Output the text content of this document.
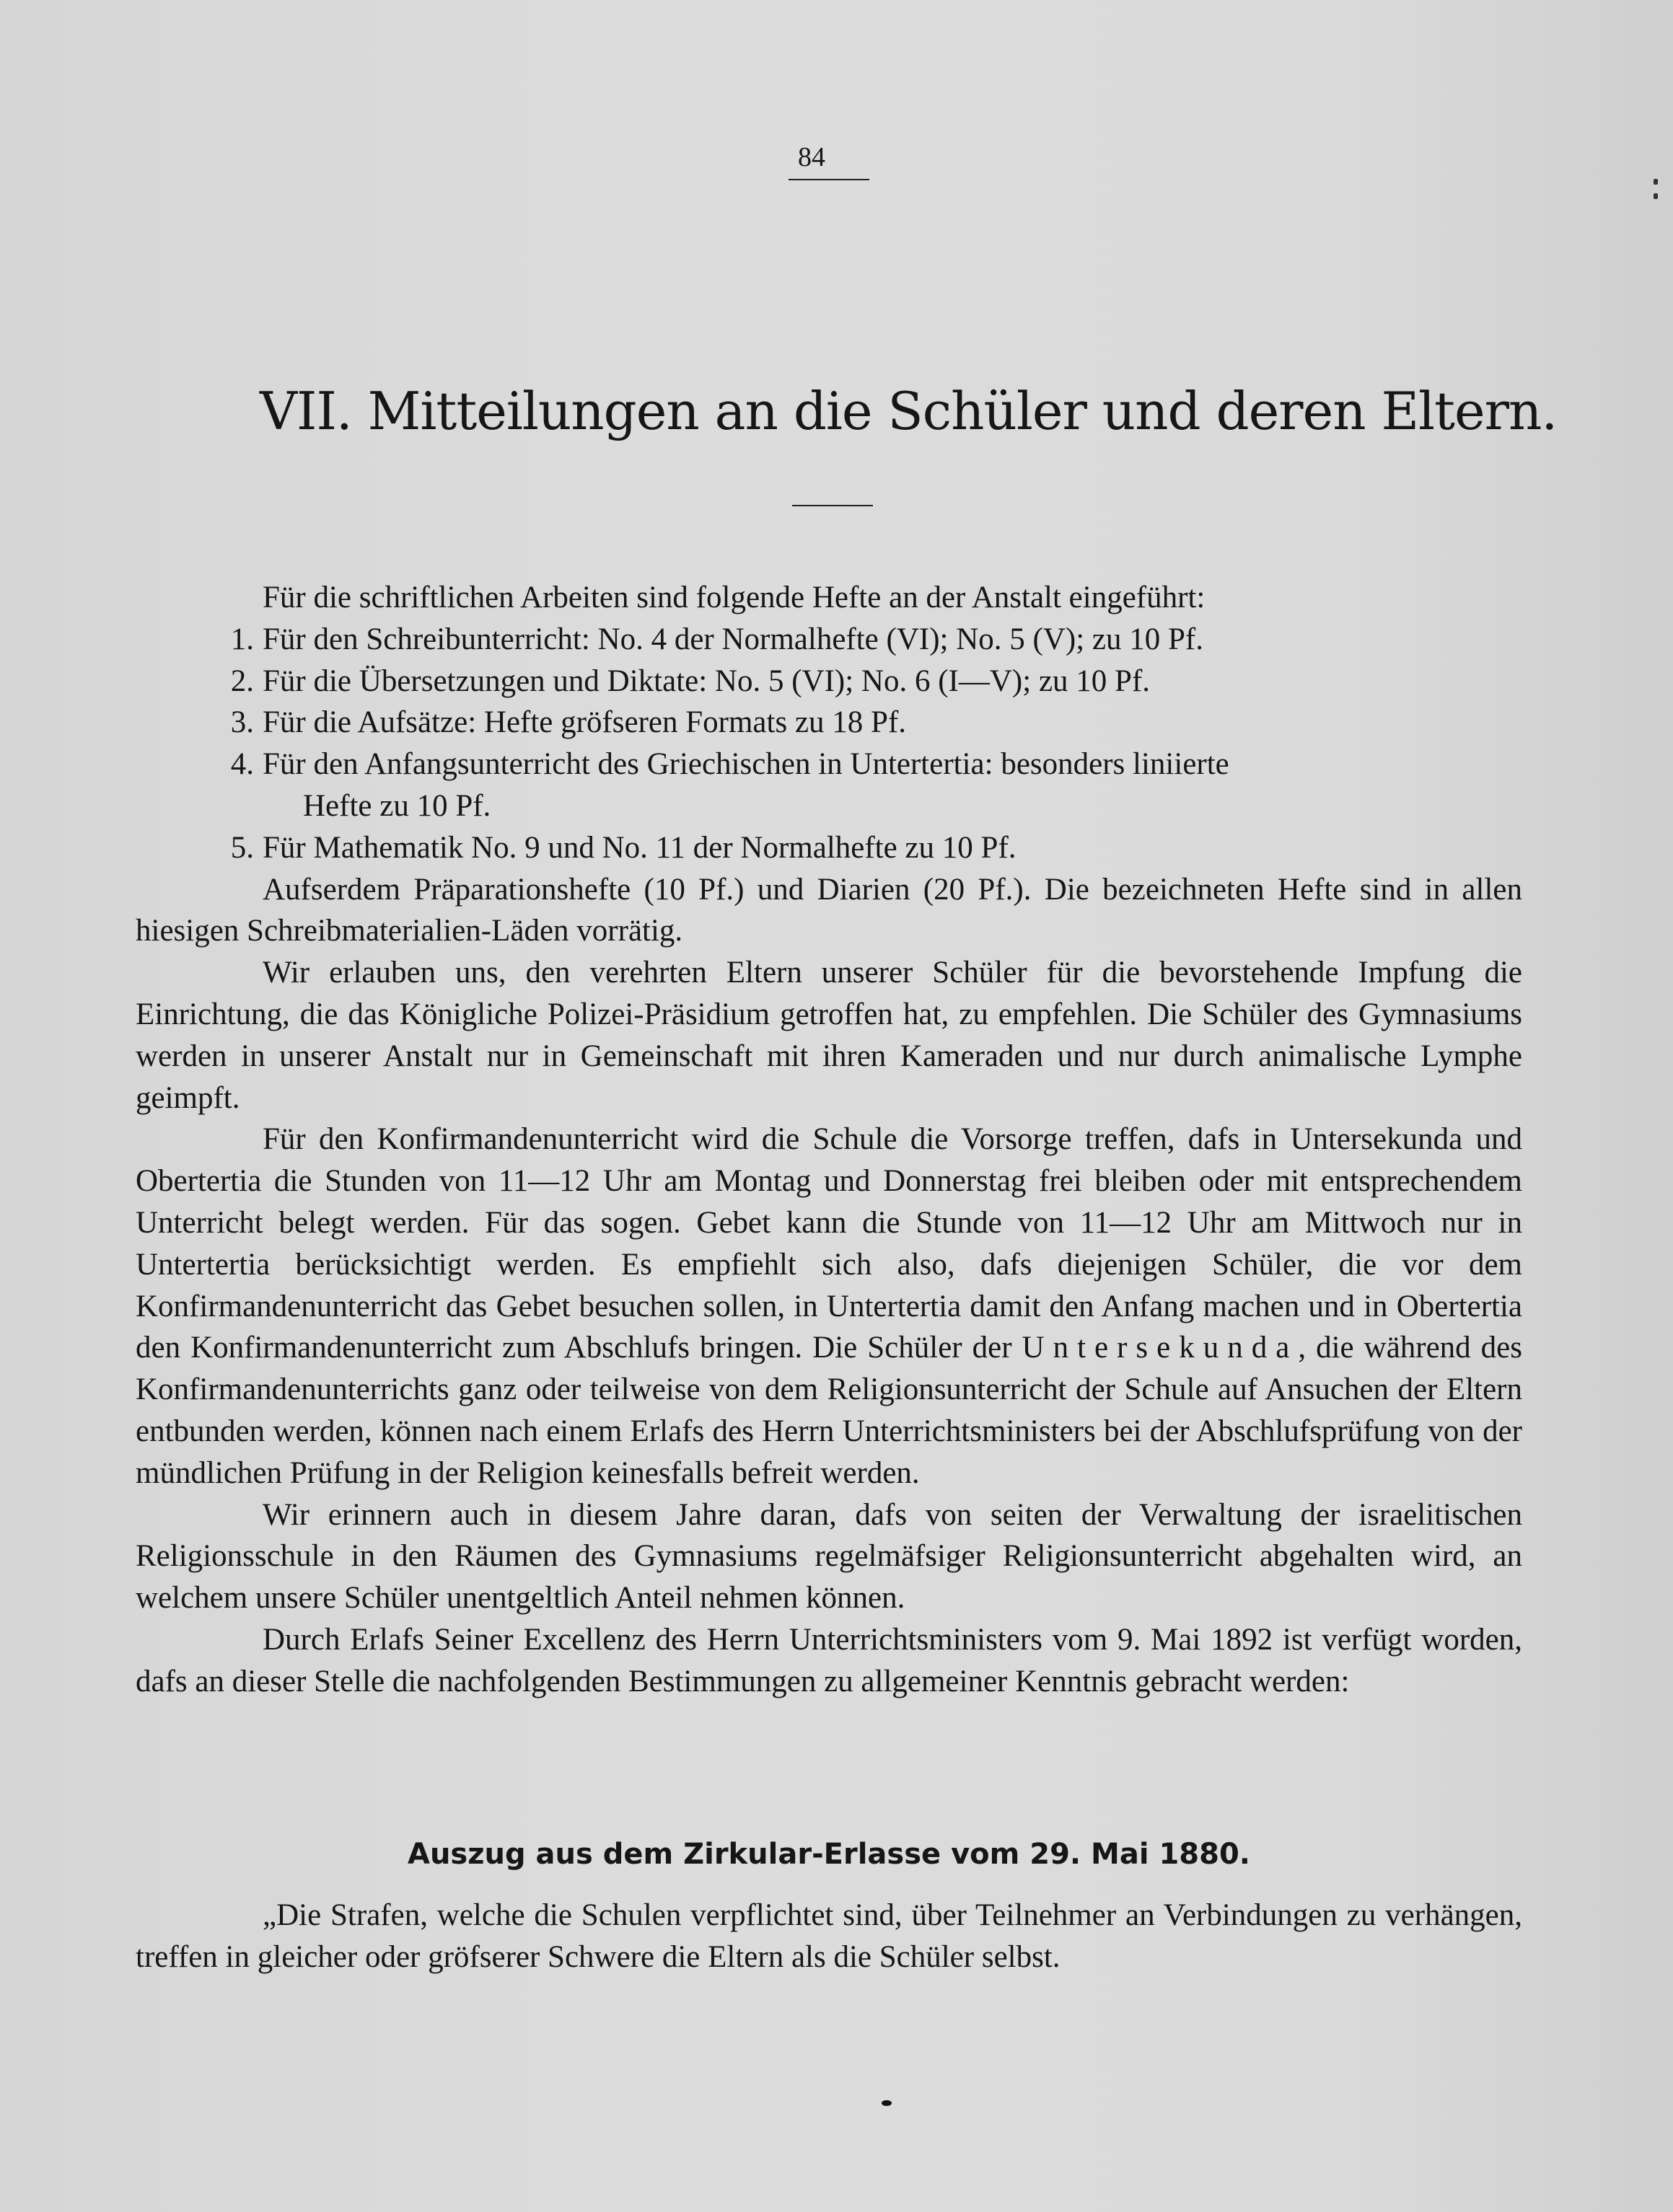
84

VII. Mitteilungen an die Schüler und deren Eltern.

Für die schriftlichen Arbeiten sind folgende Hefte an der Anstalt eingeführt:

1. Für den Schreibunterricht: No. 4 der Normalhefte (VI); No. 5 (V); zu 10 Pf.
2. Für die Übersetzungen und Diktate: No. 5 (VI); No. 6 (I—V); zu 10 Pf.
3. Für die Aufsätze: Hefte gröfseren Formats zu 18 Pf.
4. Für den Anfangsunterricht des Griechischen in Untertertia: besonders liniierte
Hefte zu 10 Pf.
5. Für Mathematik No. 9 und No. 11 der Normalhefte zu 10 Pf.

Aufserdem Präparationshefte (10 Pf.) und Diarien (20 Pf.). Die bezeichneten Hefte sind in allen hiesigen Schreibmaterialien-Läden vorrätig.

Wir erlauben uns, den verehrten Eltern unserer Schüler für die bevorstehende Impfung die Einrichtung, die das Königliche Polizei-Präsidium getroffen hat, zu empfehlen. Die Schüler des Gymnasiums werden in unserer Anstalt nur in Gemeinschaft mit ihren Kameraden und nur durch animalische Lymphe geimpft.

Für den Konfirmandenunterricht wird die Schule die Vorsorge treffen, dafs in Untersekunda und Obertertia die Stunden von 11—12 Uhr am Montag und Donnerstag frei bleiben oder mit entsprechendem Unterricht belegt werden. Für das sogen. Gebet kann die Stunde von 11—12 Uhr am Mittwoch nur in Untertertia berücksichtigt werden. Es empfiehlt sich also, dafs diejenigen Schüler, die vor dem Konfirmandenunterricht das Gebet besuchen sollen, in Untertertia damit den Anfang machen und in Obertertia den Konfirmandenunterricht zum Abschlufs bringen. Die Schüler der Untersekunda, die während des Konfirmandenunterrichts ganz oder teilweise von dem Religionsunterricht der Schule auf Ansuchen der Eltern entbunden werden, können nach einem Erlafs des Herrn Unterrichtsministers bei der Abschlufsprüfung von der mündlichen Prüfung in der Religion keinesfalls befreit werden.

Wir erinnern auch in diesem Jahre daran, dafs von seiten der Verwaltung der israelitischen Religionsschule in den Räumen des Gymnasiums regelmäfsiger Religionsunterricht abgehalten wird, an welchem unsere Schüler unentgeltlich Anteil nehmen können.

Durch Erlafs Seiner Excellenz des Herrn Unterrichtsministers vom 9. Mai 1892 ist verfügt worden, dafs an dieser Stelle die nachfolgenden Bestimmungen zu allgemeiner Kenntnis gebracht werden:

Auszug aus dem Zirkular-Erlasse vom 29. Mai 1880.

„Die Strafen, welche die Schulen verpflichtet sind, über Teilnehmer an Verbindungen zu verhängen, treffen in gleicher oder gröfserer Schwere die Eltern als die Schüler selbst.
